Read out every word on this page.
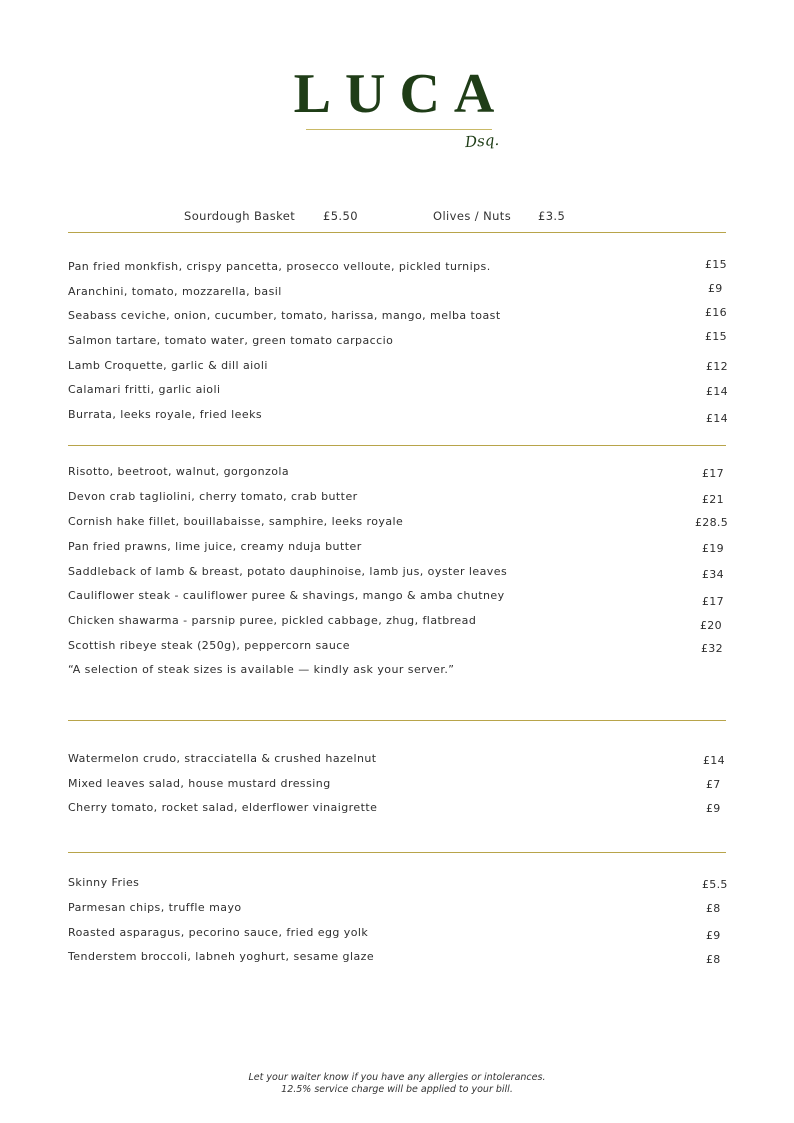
LUCA
Dsq.
Sourdough Basket £5.50	Olives / Nuts £3.5
Pan fried monkfish, crispy pancetta, prosecco velloute, pickled turnips.	£15
Aranchini, tomato, mozzarella, basil	£9
Seabass ceviche, onion, cucumber, tomato, harissa, mango, melba toast	£16
Salmon tartare, tomato water, green tomato carpaccio	£15
Lamb Croquette, garlic & dill aioli	£12
Calamari fritti, garlic aioli	£14
Burrata, leeks royale, fried leeks	£14
Risotto, beetroot, walnut, gorgonzola	£17
Devon crab tagliolini, cherry tomato, crab butter	£21
Cornish hake fillet, bouillabaisse, samphire, leeks royale	£28.5
Pan fried prawns, lime juice, creamy nduja butter	£19
Saddleback of lamb & breast, potato dauphinoise, lamb jus, oyster leaves	£34
Cauliflower steak - cauliflower puree & shavings, mango & amba chutney	£17
Chicken shawarma - parsnip puree, pickled cabbage, zhug, flatbread	£20
Scottish ribeye steak (250g), peppercorn sauce	£32
“A selection of steak sizes is available — kindly ask your server.”
Watermelon crudo, stracciatella & crushed hazelnut	£14
Mixed leaves salad, house mustard dressing	£7
Cherry tomato, rocket salad, elderflower vinaigrette	£9
Skinny Fries	£5.5
Parmesan chips, truffle mayo	£8
Roasted asparagus, pecorino sauce, fried egg yolk	£9
Tenderstem broccoli, labneh yoghurt, sesame glaze	£8
Let your waiter know if you have any allergies or intolerances.
12.5% service charge will be applied to your bill.
